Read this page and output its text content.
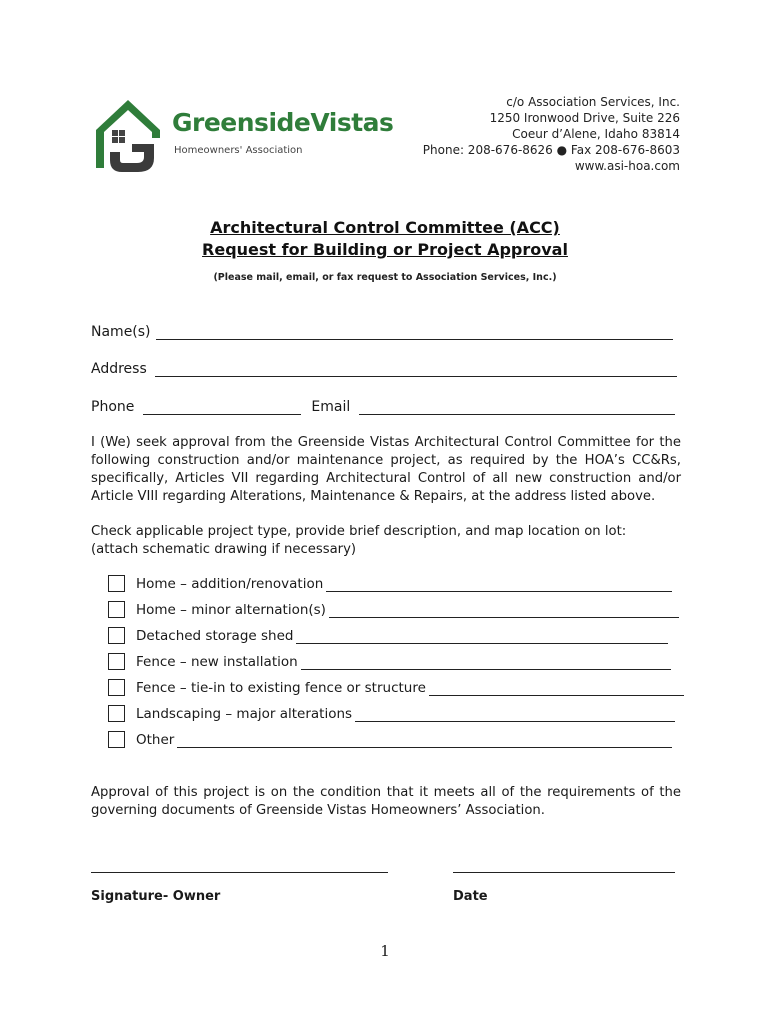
GreensideVistas
Homeowners' Association
c/o Association Services, Inc.
1250 Ironwood Drive, Suite 226
Coeur d’Alene, Idaho 83814
Phone: 208-676-8626 ● Fax 208-676-8603
www.asi-hoa.com
Architectural Control Committee (ACC)
Request for Building or Project Approval
(Please mail, email, or fax request to Association Services, Inc.)
Name(s)
Address
Phone	Email
I (We) seek approval from the Greenside Vistas Architectural Control Committee for the following construction and/or maintenance project, as required by the HOA’s CC&Rs, specifically, Articles VII regarding Architectural Control of all new construction and/or Article VIII regarding Alterations, Maintenance & Repairs, at the address listed above.
Check applicable project type, provide brief description, and map location on lot:
(attach schematic drawing if necessary)
Home – addition/renovation
Home – minor alternation(s)
Detached storage shed
Fence – new installation
Fence – tie-in to existing fence or structure
Landscaping – major alterations
Other
Approval of this project is on the condition that it meets all of the requirements of the governing documents of Greenside Vistas Homeowners’ Association.
Signature- Owner	Date
1
